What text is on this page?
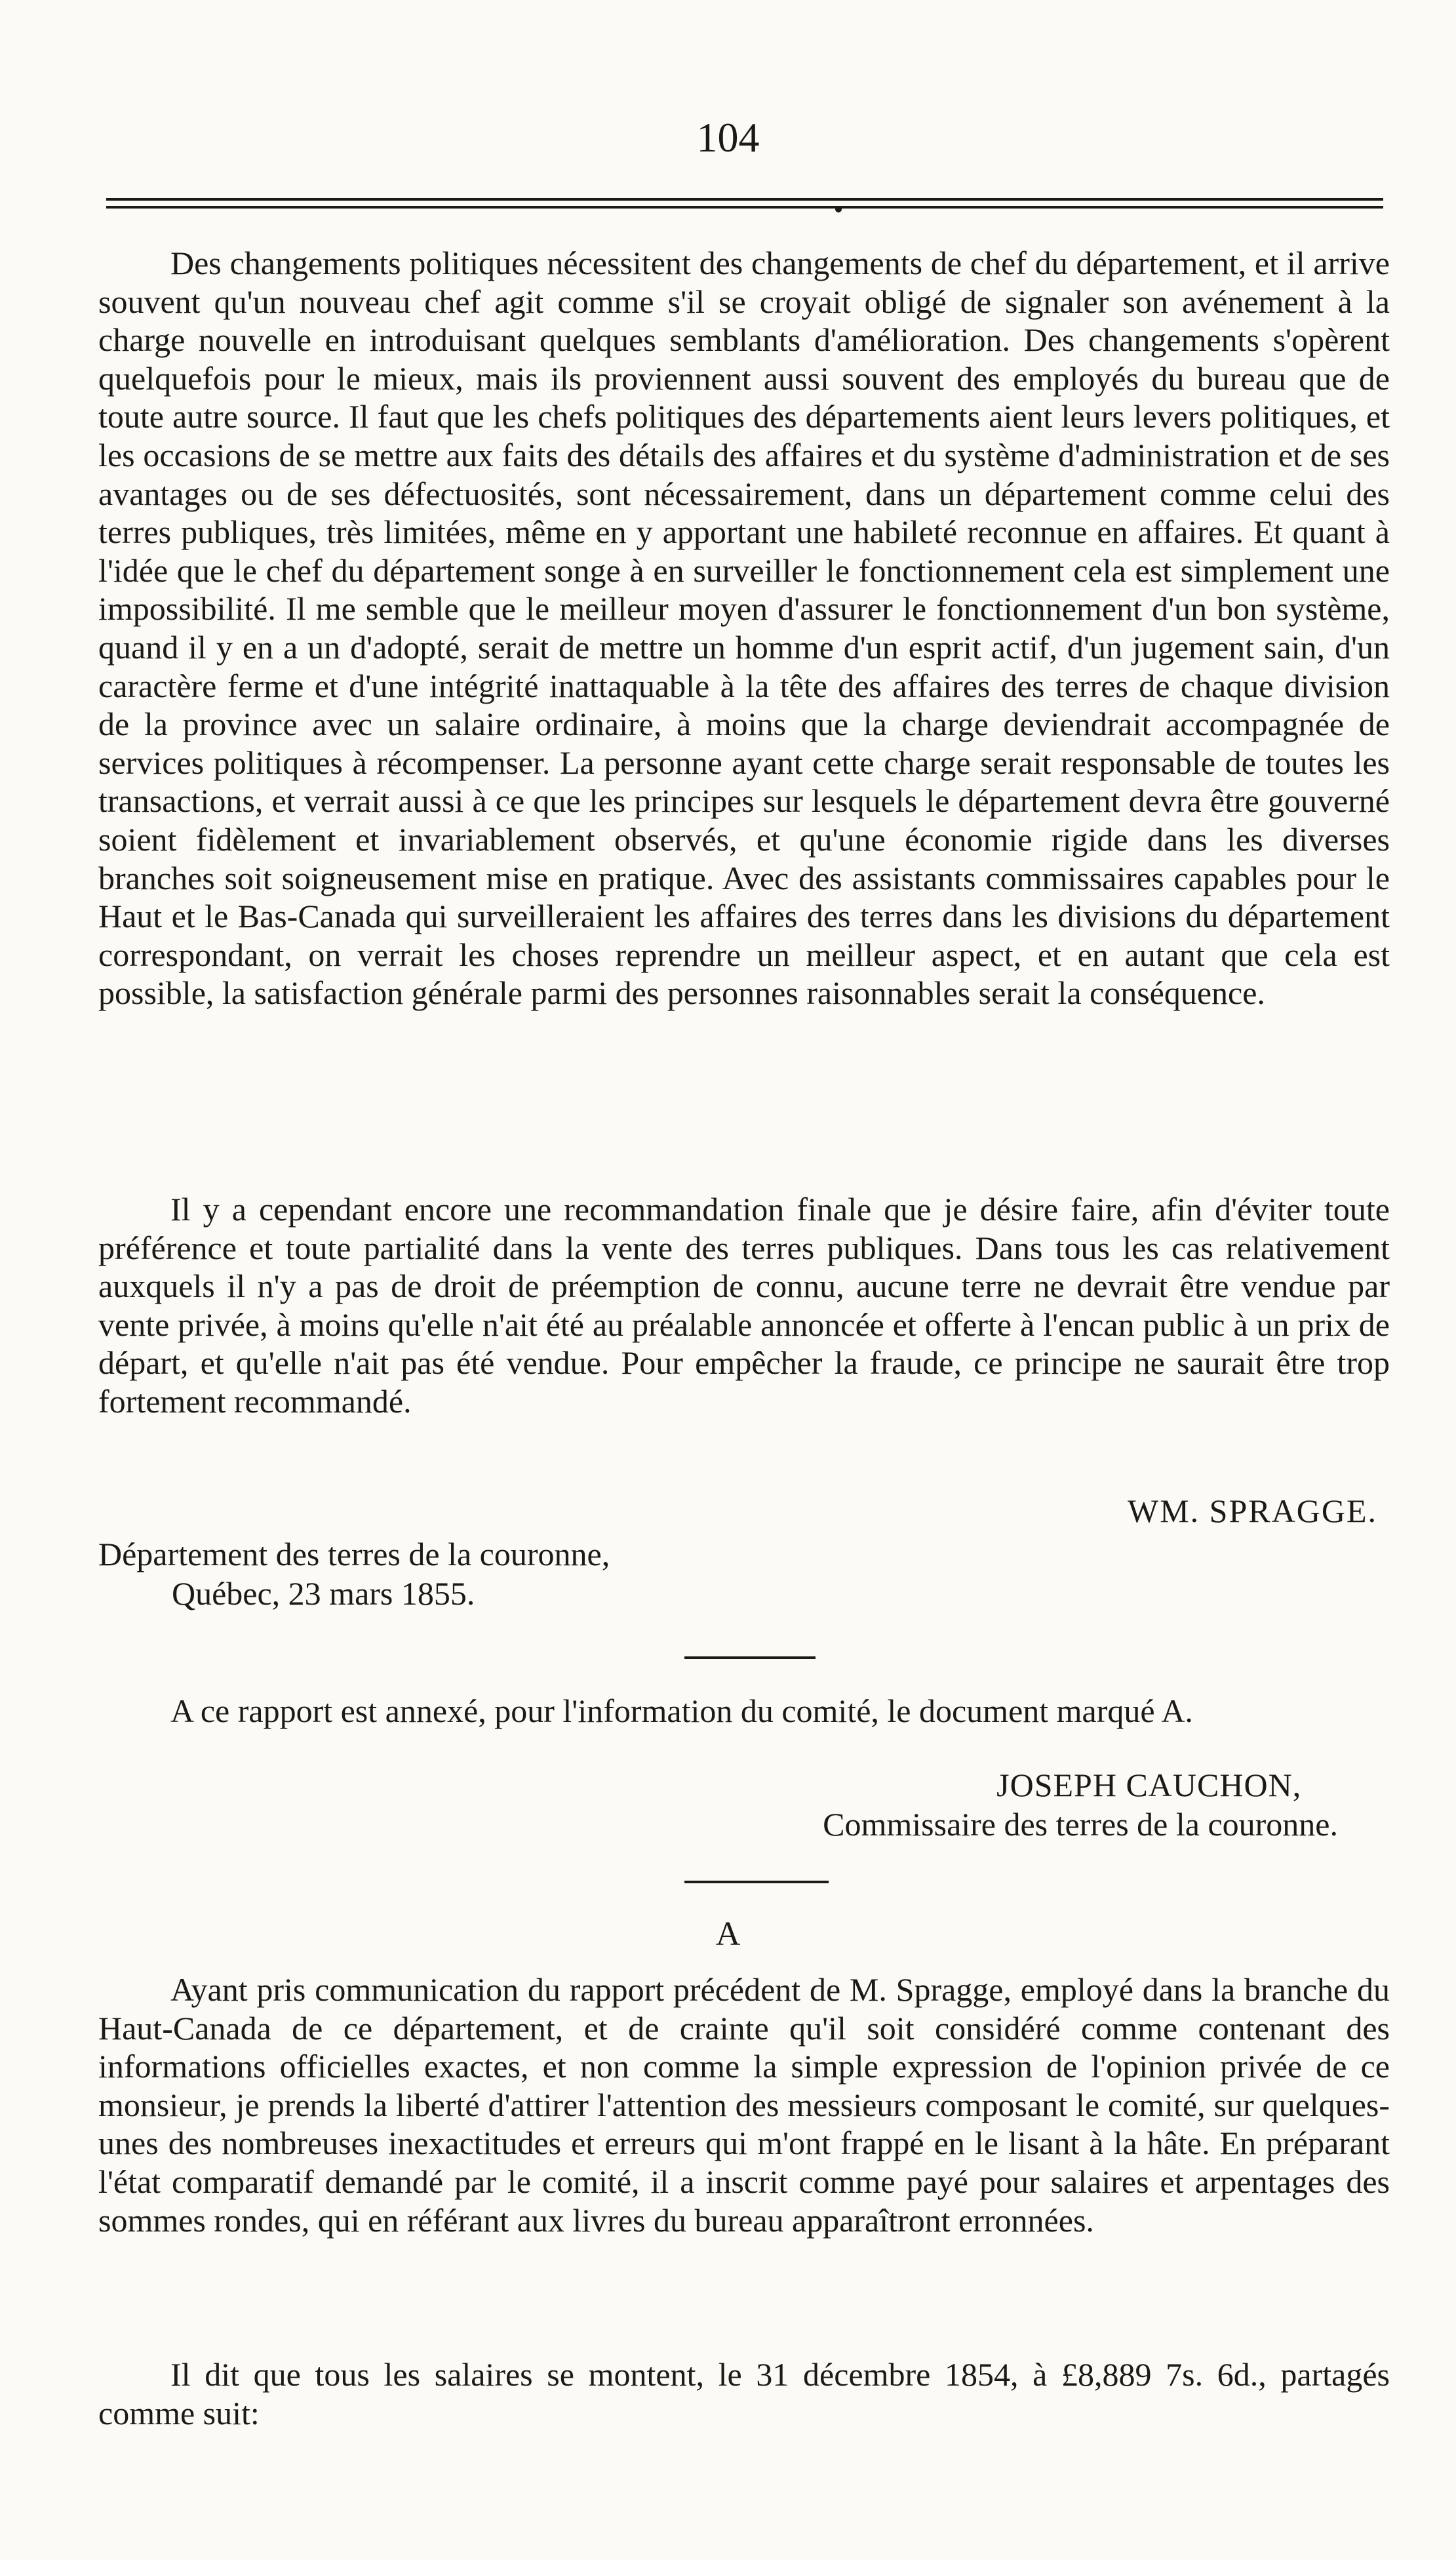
104

Des changements politiques nécessitent des changements de chef du département, et il arrive souvent qu'un nouveau chef agit comme s'il se croyait obligé de signaler son avénement à la charge nouvelle en introduisant quelques semblants d'amélioration. Des changements s'opèrent quelquefois pour le mieux, mais ils proviennent aussi souvent des employés du bureau que de toute autre source. Il faut que les chefs politiques des départements aient leurs levers politiques, et les occasions de se mettre aux faits des détails des affaires et du système d'administration et de ses avantages ou de ses défectuosités, sont nécessairement, dans un département comme celui des terres publiques, très limitées, même en y apportant une habileté reconnue en affaires. Et quant à l'idée que le chef du département songe à en surveiller le fonctionnement cela est simplement une impossibilité. Il me semble que le meilleur moyen d'assurer le fonctionnement d'un bon système, quand il y en a un d'adopté, serait de mettre un homme d'un esprit actif, d'un jugement sain, d'un caractère ferme et d'une intégrité inattaquable à la tête des affaires des terres de chaque division de la province avec un salaire ordinaire, à moins que la charge deviendrait accompagnée de services politiques à récompenser. La personne ayant cette charge serait responsable de toutes les transactions, et verrait aussi à ce que les principes sur lesquels le département devra être gouverné soient fidèlement et invariablement observés, et qu'une économie rigide dans les diverses branches soit soigneusement mise en pratique. Avec des assistants commissaires capables pour le Haut et le Bas-Canada qui surveilleraient les affaires des terres dans les divisions du département correspondant, on verrait les choses reprendre un meilleur aspect, et en autant que cela est possible, la satisfaction générale parmi des personnes raisonnables serait la conséquence.

Il y a cependant encore une recommandation finale que je désire faire, afin d'éviter toute préférence et toute partialité dans la vente des terres publiques. Dans tous les cas relativement auxquels il n'y a pas de droit de préemption de connu, aucune terre ne devrait être vendue par vente privée, à moins qu'elle n'ait été au préalable annoncée et offerte à l'encan public à un prix de départ, et qu'elle n'ait pas été vendue. Pour empêcher la fraude, ce principe ne saurait être trop fortement recommandé.

WM. SPRAGGE.
Département des terres de la couronne,
Québec, 23 mars 1855.

A ce rapport est annexé, pour l'information du comité, le document marqué A.

JOSEPH CAUCHON,
Commissaire des terres de la couronne.
A

Ayant pris communication du rapport précédent de M. Spragge, employé dans la branche du Haut-Canada de ce département, et de crainte qu'il soit considéré comme contenant des informations officielles exactes, et non comme la simple expression de l'opinion privée de ce monsieur, je prends la liberté d'attirer l'attention des messieurs composant le comité, sur quelques-unes des nombreuses inexactitudes et erreurs qui m'ont frappé en le lisant à la hâte. En préparant l'état comparatif demandé par le comité, il a inscrit comme payé pour salaires et arpentages des sommes rondes, qui en référant aux livres du bureau apparaîtront erronnées.

Il dit que tous les salaires se montent, le 31 décembre 1854, à £8,889 7s. 6d., partagés comme suit:
